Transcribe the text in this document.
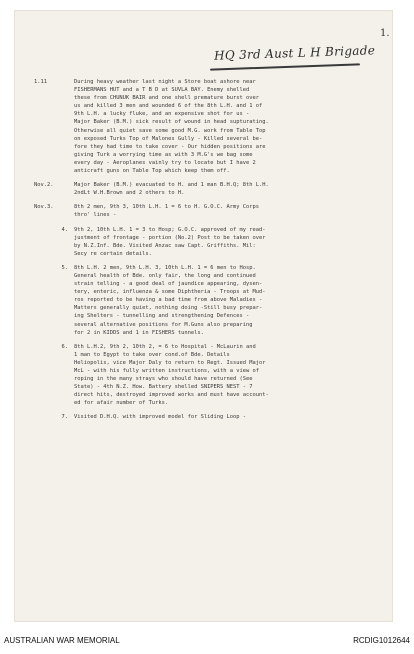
1.
HQ 3rd Aust L H Brigade
1.11	During heavy weather last night a Store boat ashore near
FISHERMANS HUT and a T B D at SUVLA BAY. Enemy shelled
these from CHUNUK BAIR and one shell premature burst over
us and killed 3 men and wounded 6 of the 8th L.H. and 1 of
9th L.H. a lucky fluke, and an expensive shot for us -
Major Baker (B.M.) sick result of wound in head supturating.
Otherwise all quiet save some good M.G. work from Table Top
on exposed Turks Top of Malones Gully - Killed several be-
fore they had time to take cover - Our hidden positions are
giving Turk a worrying time as with 3 M.G's we bag some
every day - Aeroplanes vainly try to locate but I have 2
anticraft guns on Table Top which keep them off.
Nov.2.	Major Baker (B.M.) evacuated to H. and 1 man B.H.Q; 8th L.H.
2ndLt W.H.Brown and 2 others to H.
Nov.3.	8th 2 men, 9th 3, 10th L.H. 1 = 6 to H. G.O.C. Army Corps
thro' lines -
4.	9th 2, 10th L.H. 1 = 3 to Hosp; G.O.C. approved of my read-
justment of frontage - portion (No.2) Post to be taken over
by N.Z.Inf. Bde. Visited Anzac saw Capt. Griffiths. Mil:
Secy re certain details.
5.	8th L.H. 2 men, 9th L.H. 3, 10th L.H. 1 = 6 men to Hosp.
General health of Bde. only fair, the long and continued
strain telling - a good deal of jaundice appearing, dysen-
tery, enteric, influenza & some Diphtheria - Troops at Mud-
ros reported to be having a bad time from above Maladies -
Matters generally quiet, nothing doing -Still busy prepar-
ing Shelters - tunnelling and strengthening Defences -
several alternative positions for M.Guns also preparing
for 2 in KIDDS and 1 in FISHERS tunnels.
6.	8th L.H.2, 9th 2, 10th 2, = 6 to Hospital - McLaurin and
1 man to Egypt to take over cond.of Bde. Details
Heliopolis, vice Major Daly to return to Regt. Issued Major
McL - with his fully written instructions, with a view of
roping in the many strays who should have returned (See
State) - 4th N.Z. How. Battery shelled SNIPERS NEST - 7
direct hits, destroyed improved works and must have account-
ed for afair number of Turks.
7.	Visited D.H.Q. with improved model for Sliding Loop -
AUSTRALIAN WAR MEMORIAL	RCDIG1012644
